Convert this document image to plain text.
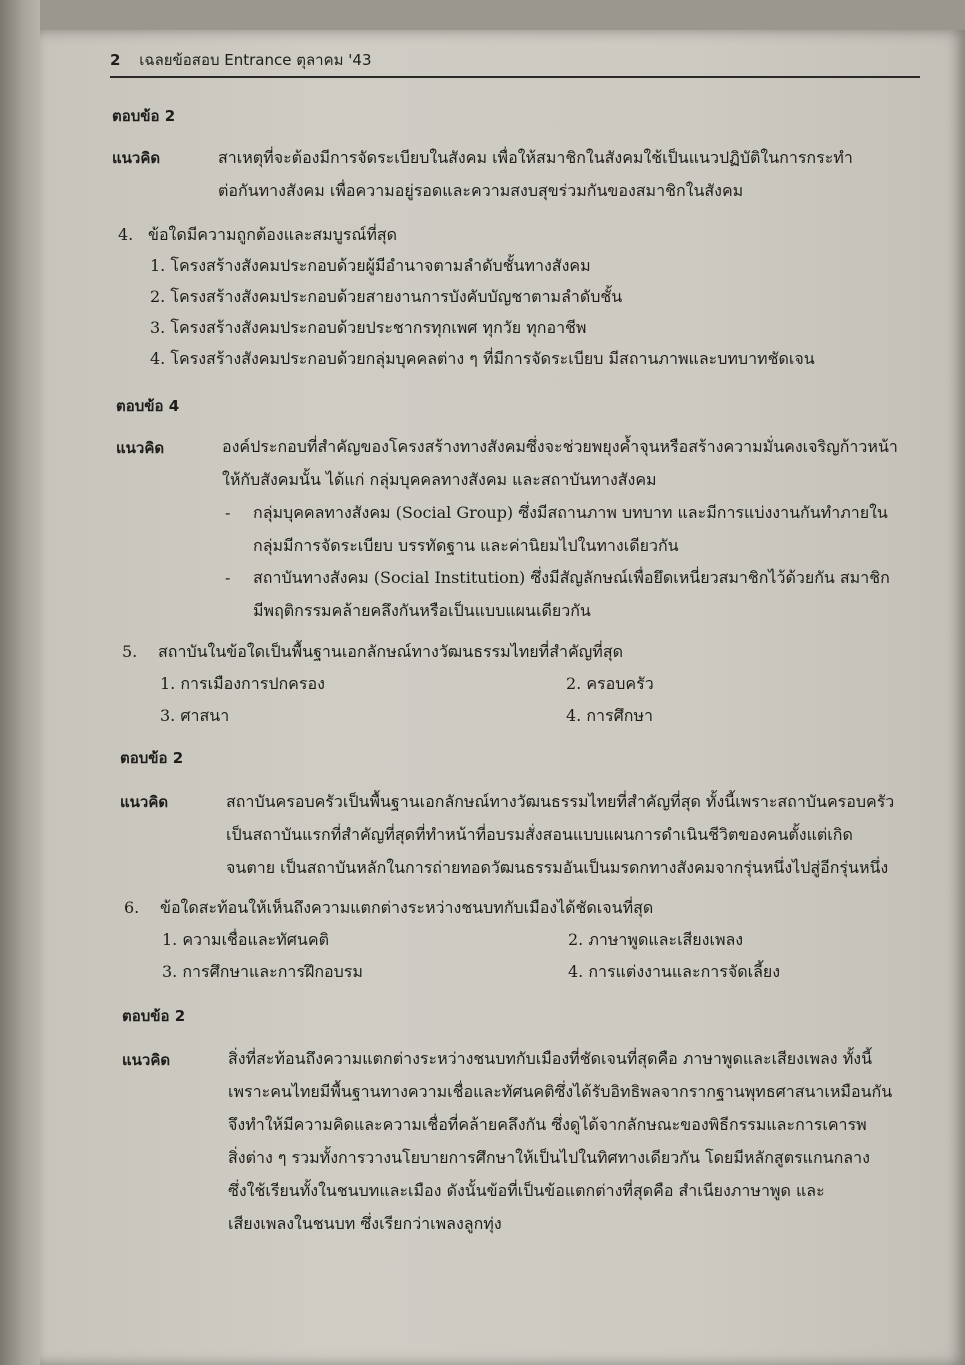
2 เฉลยข้อสอบ Entrance ตุลาคม '43
ตอบข้อ 2
แนวคิด	สาเหตุที่จะต้องมีการจัดระเบียบในสังคม เพื่อให้สมาชิกในสังคมใช้เป็นแนวปฏิบัติในการกระทำ
ต่อกันทางสังคม เพื่อความอยู่รอดและความสงบสุขร่วมกันของสมาชิกในสังคม
4. ข้อใดมีความถูกต้องและสมบูรณ์ที่สุด
1. โครงสร้างสังคมประกอบด้วยผู้มีอำนาจตามลำดับชั้นทางสังคม
2. โครงสร้างสังคมประกอบด้วยสายงานการบังคับบัญชาตามลำดับชั้น
3. โครงสร้างสังคมประกอบด้วยประชากรทุกเพศ ทุกวัย ทุกอาชีพ
4. โครงสร้างสังคมประกอบด้วยกลุ่มบุคคลต่าง ๆ ที่มีการจัดระเบียบ มีสถานภาพและบทบาทชัดเจน
ตอบข้อ 4
แนวคิด	องค์ประกอบที่สำคัญของโครงสร้างทางสังคมซึ่งจะช่วยพยุงค้ำจุนหรือสร้างความมั่นคงเจริญก้าวหน้า
ให้กับสังคมนั้น ได้แก่ กลุ่มบุคคลทางสังคม และสถาบันทางสังคม
- กลุ่มบุคคลทางสังคม (Social Group) ซึ่งมีสถานภาพ บทบาท และมีการแบ่งงานกันทำภายใน
กลุ่มมีการจัดระเบียบ บรรทัดฐาน และค่านิยมไปในทางเดียวกัน
- สถาบันทางสังคม (Social Institution) ซึ่งมีสัญลักษณ์เพื่อยึดเหนี่ยวสมาชิกไว้ด้วยกัน สมาชิก
มีพฤติกรรมคล้ายคลึงกันหรือเป็นแบบแผนเดียวกัน
5. สถาบันในข้อใดเป็นพื้นฐานเอกลักษณ์ทางวัฒนธรรมไทยที่สำคัญที่สุด
1. การเมืองการปกครอง	2. ครอบครัว
3. ศาสนา	4. การศึกษา
ตอบข้อ 2
แนวคิด	สถาบันครอบครัวเป็นพื้นฐานเอกลักษณ์ทางวัฒนธรรมไทยที่สำคัญที่สุด ทั้งนี้เพราะสถาบันครอบครัว
เป็นสถาบันแรกที่สำคัญที่สุดที่ทำหน้าที่อบรมสั่งสอนแบบแผนการดำเนินชีวิตของคนตั้งแต่เกิด
จนตาย เป็นสถาบันหลักในการถ่ายทอดวัฒนธรรมอันเป็นมรดกทางสังคมจากรุ่นหนึ่งไปสู่อีกรุ่นหนึ่ง
6. ข้อใดสะท้อนให้เห็นถึงความแตกต่างระหว่างชนบทกับเมืองได้ชัดเจนที่สุด
1. ความเชื่อและทัศนคติ	2. ภาษาพูดและเสียงเพลง
3. การศึกษาและการฝึกอบรม	4. การแต่งงานและการจัดเลี้ยง
ตอบข้อ 2
แนวคิด	สิ่งที่สะท้อนถึงความแตกต่างระหว่างชนบทกับเมืองที่ชัดเจนที่สุดคือ ภาษาพูดและเสียงเพลง ทั้งนี้
เพราะคนไทยมีพื้นฐานทางความเชื่อและทัศนคติซึ่งได้รับอิทธิพลจากรากฐานพุทธศาสนาเหมือนกัน
จึงทำให้มีความคิดและความเชื่อที่คล้ายคลึงกัน ซึ่งดูได้จากลักษณะของพิธีกรรมและการเคารพ
สิ่งต่าง ๆ รวมทั้งการวางนโยบายการศึกษาให้เป็นไปในทิศทางเดียวกัน โดยมีหลักสูตรแกนกลาง
ซึ่งใช้เรียนทั้งในชนบทและเมือง ดังนั้นข้อที่เป็นข้อแตกต่างที่สุดคือ สำเนียงภาษาพูด และ
เสียงเพลงในชนบท ซึ่งเรียกว่าเพลงลูกทุ่ง
